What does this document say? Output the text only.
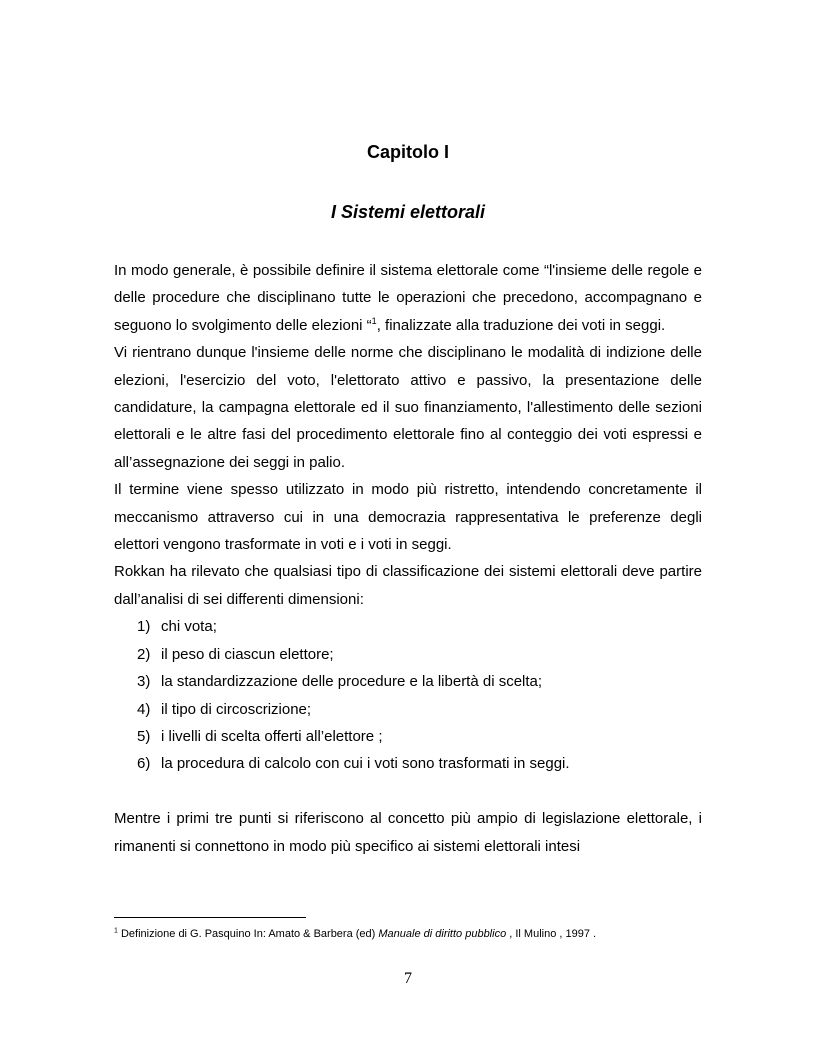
Capitolo I
I Sistemi elettorali

In modo generale, è possibile definire il sistema elettorale come “l'insieme delle regole e delle procedure che disciplinano tutte le operazioni che precedono, accompagnano e seguono lo svolgimento delle elezioni “$^1$, finalizzate alla traduzione dei voti in seggi.

Vi rientrano dunque l'insieme delle norme che disciplinano le modalità di indizione delle elezioni, l'esercizio del voto, l'elettorato attivo e passivo, la presentazione delle candidature, la campagna elettorale ed il suo finanziamento, l'allestimento delle sezioni elettorali e le altre fasi del procedimento elettorale fino al conteggio dei voti espressi e all’assegnazione dei seggi in palio.

Il termine viene spesso utilizzato in modo più ristretto, intendendo concretamente il meccanismo attraverso cui in una democrazia rappresentativa le preferenze degli elettori vengono trasformate in voti e i voti in seggi.

Rokkan ha rilevato che qualsiasi tipo di classificazione dei sistemi elettorali deve partire dall’analisi di sei differenti dimensioni:

1) chi vota;
2) il peso di ciascun elettore;
3) la standardizzazione delle procedure e la libertà di scelta;
4) il tipo di circoscrizione;
5) i livelli di scelta offerti all’elettore ;
6) la procedura di calcolo con cui i voti sono trasformati in seggi.

Mentre i primi tre punti si riferiscono al concetto più ampio di legislazione elettorale, i rimanenti si connettono in modo più specifico ai sistemi elettorali intesi

$^1$ Definizione di G. Pasquino In: Amato & Barbera (ed) Manuale di diritto pubblico , Il Mulino , 1997 .
7
